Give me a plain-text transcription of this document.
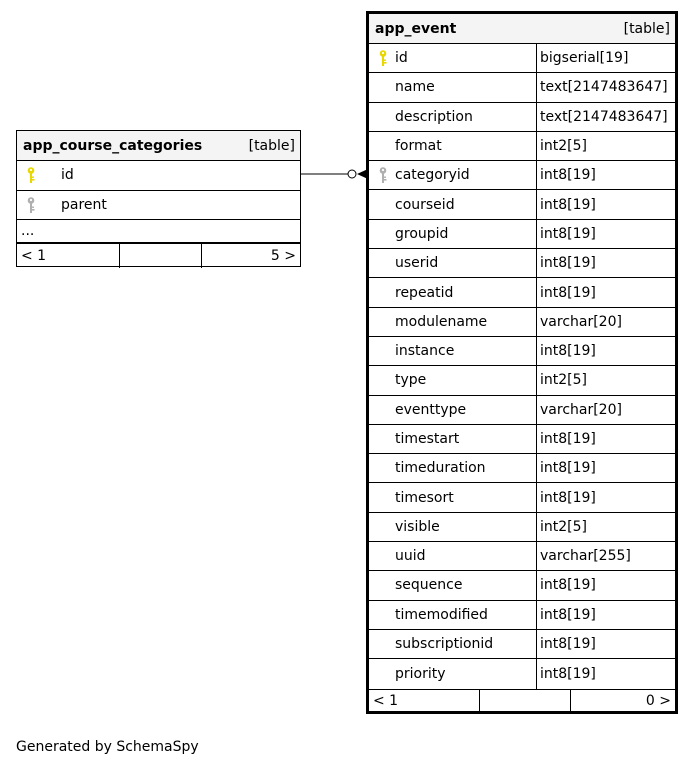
app_course_categories	[table]
id
parent
...
< 1	5 >
app_event	[table]
id	bigserial[19]
name	text[2147483647]
description	text[2147483647]
format	int2[5]
categoryid	int8[19]
courseid	int8[19]
groupid	int8[19]
userid	int8[19]
repeatid	int8[19]
modulename	varchar[20]
instance	int8[19]
type	int2[5]
eventtype	varchar[20]
timestart	int8[19]
timeduration	int8[19]
timesort	int8[19]
visible	int2[5]
uuid	varchar[255]
sequence	int8[19]
timemodified	int8[19]
subscriptionid	int8[19]
priority	int8[19]
< 1	0 >
Generated by SchemaSpy
